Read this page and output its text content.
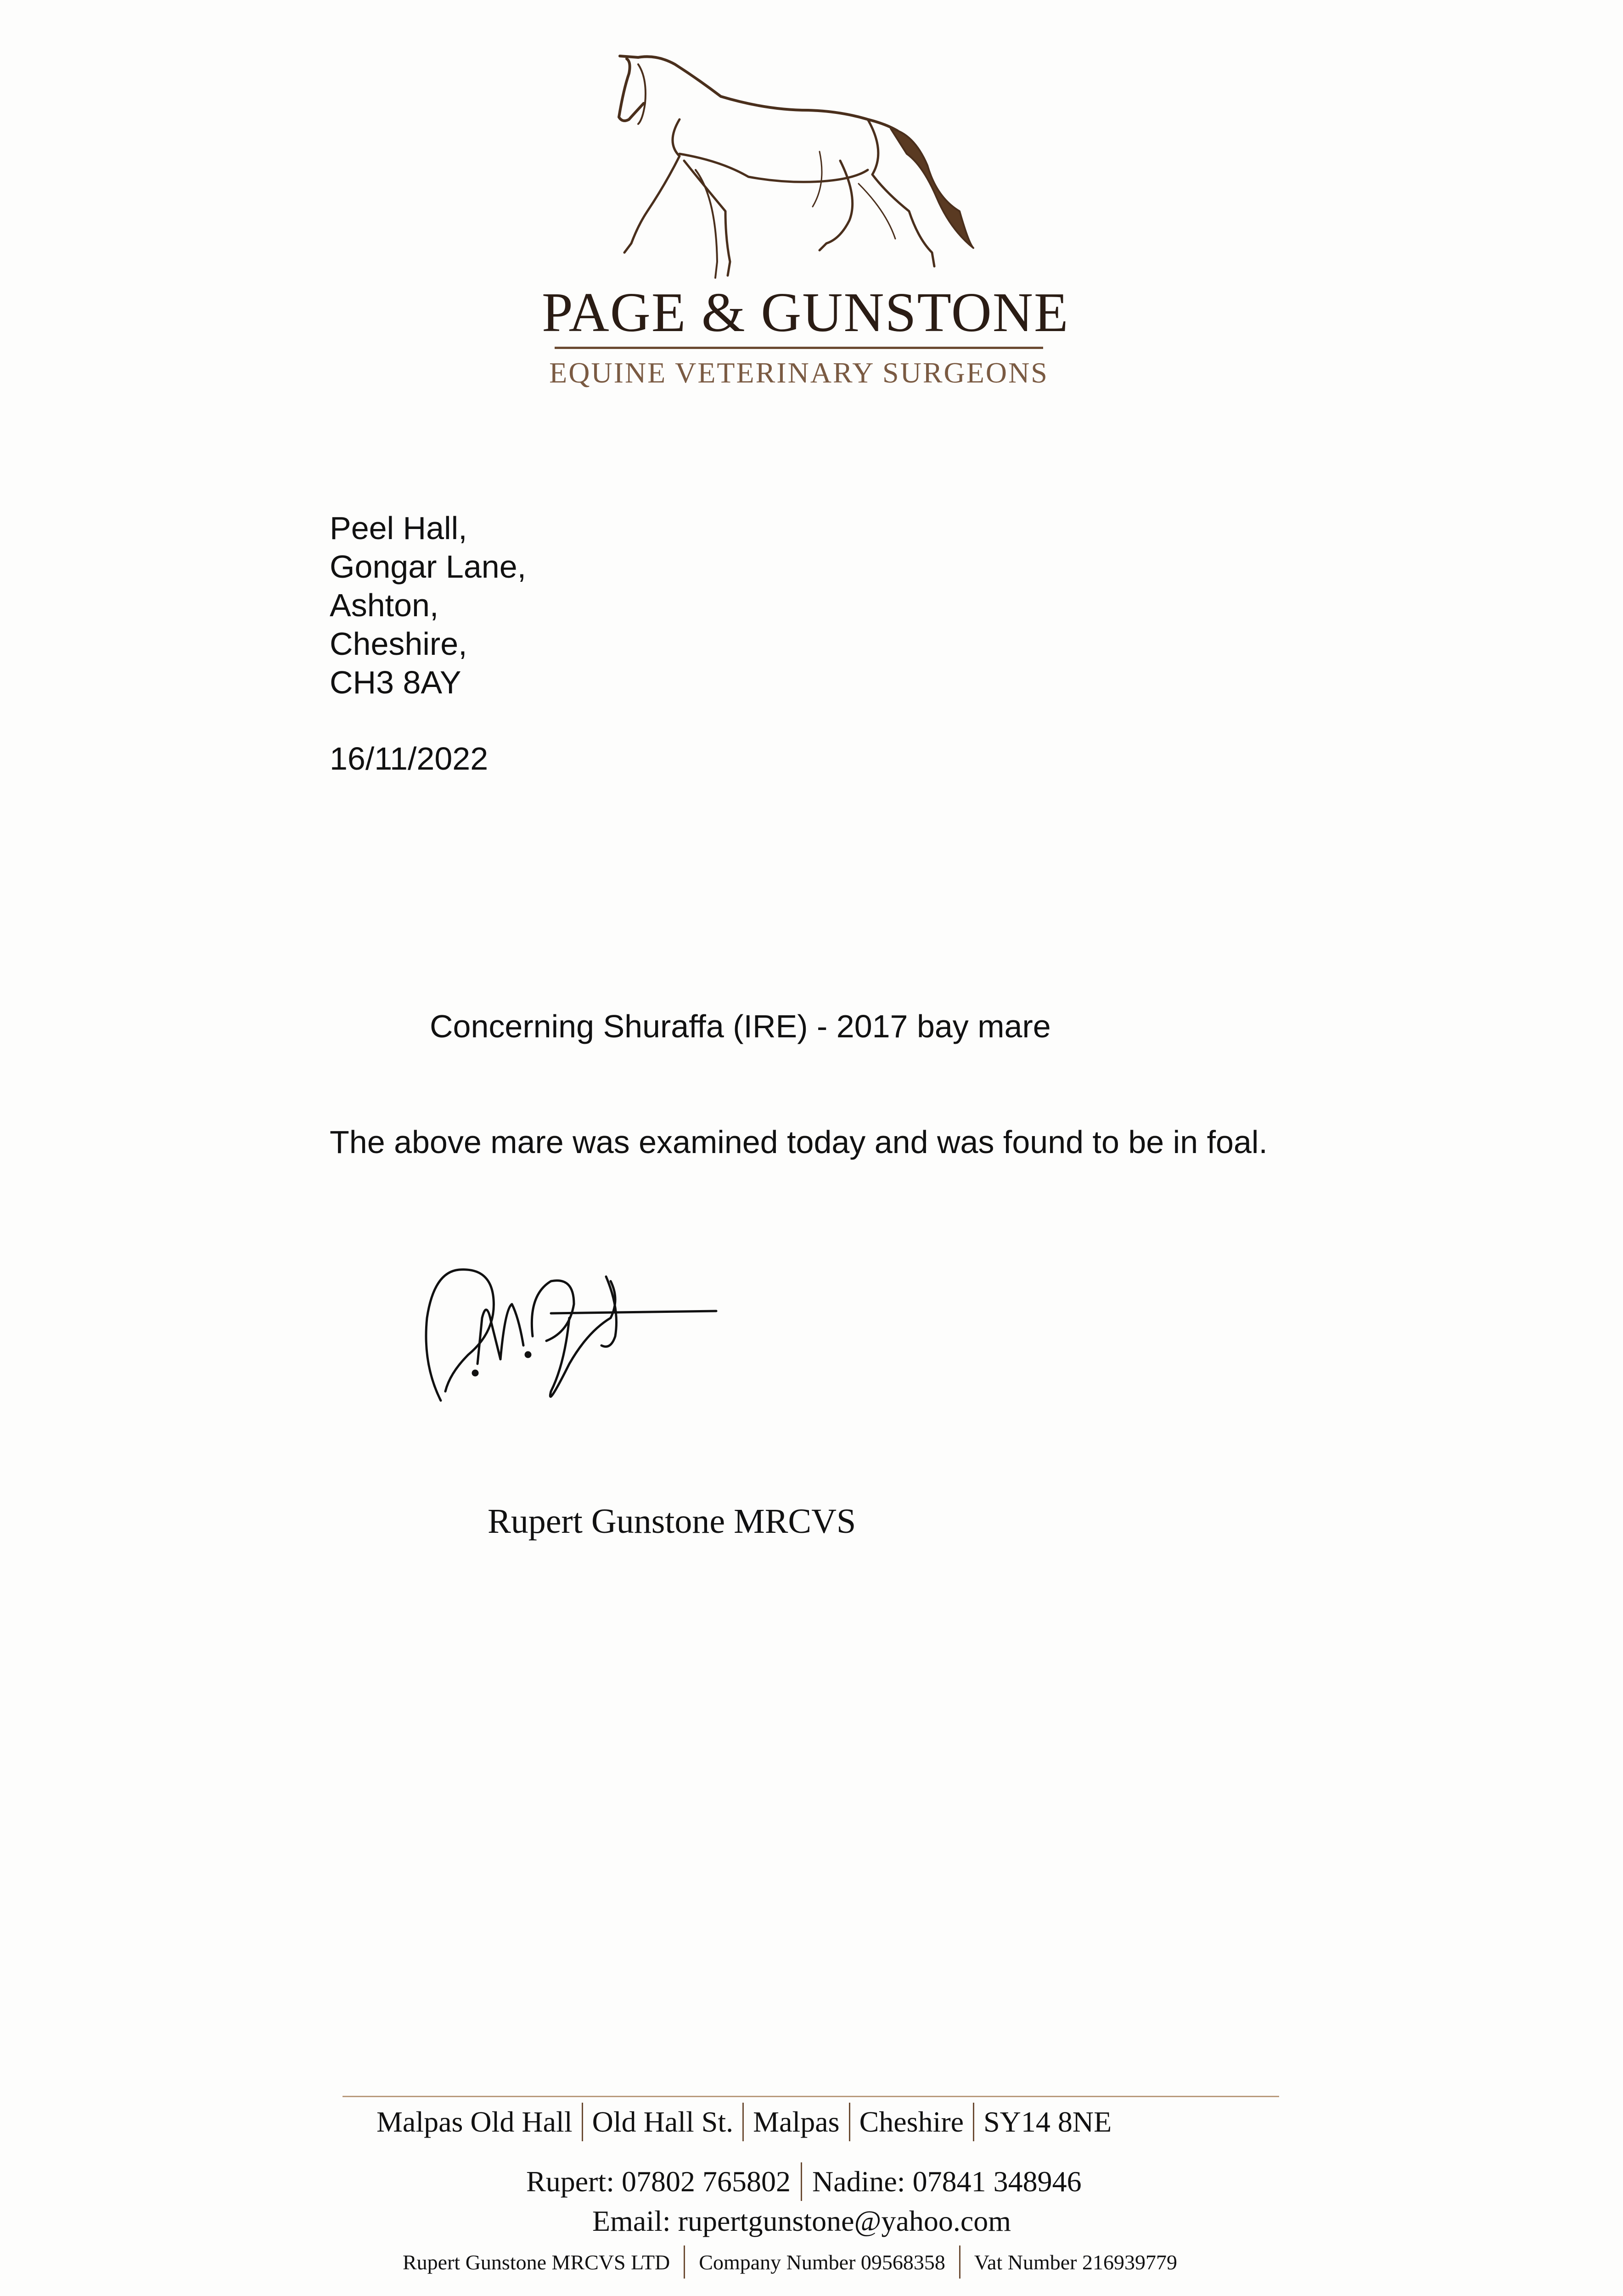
PAGE & GUNSTONE
EQUINE VETERINARY SURGEONS
Peel Hall,
Gongar Lane,
Ashton,
Cheshire,
CH3 8AY
16/11/2022
Concerning Shuraffa (IRE) - 2017 bay mare
The above mare was examined today and was found to be in foal.
Rupert Gunstone MRCVS
Malpas Old Hall Old Hall St. Malpas Cheshire SY14 8NE
Rupert: 07802 765802 Nadine: 07841 348946
Email: rupertgunstone@yahoo.com
Rupert Gunstone MRCVS LTD Company Number 09568358 Vat Number 216939779
